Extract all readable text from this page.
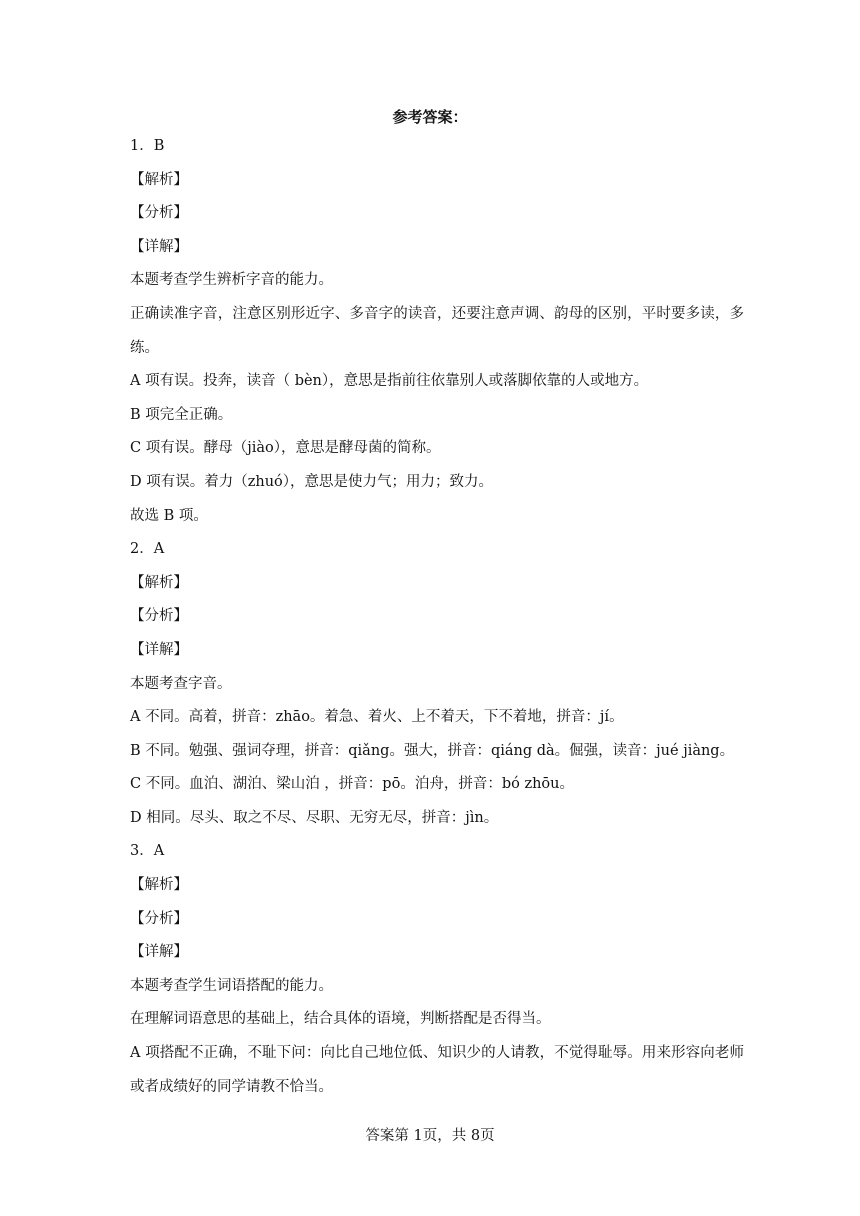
参考答案：
1．B
【解析】
【分析】
【详解】
本题考查学生辨析字音的能力。
正确读准字音，注意区别形近字、多音字的读音，还要注意声调、韵母的区别，平时要多读，多练。
A 项有误。投奔，读音（ bèn），意思是指前往依靠别人或落脚依靠的人或地方。
B 项完全正确。
C 项有误。酵母（jiào），意思是酵母菌的简称。
D 项有误。着力（zhuó），意思是使力气；用力；致力。
故选 B 项。
2．A
【解析】
【分析】
【详解】
本题考查字音。
A 不同。高着，拼音：zhāo。着急、着火、上不着天，下不着地，拼音：jí。
B 不同。勉强、强词夺理，拼音：qiǎng。强大，拼音：qiáng dà。倔强，读音：jué jiàng。
C 不同。血泊、湖泊、梁山泊 ，拼音：pō。泊舟，拼音：bó zhōu。
D 相同。尽头、取之不尽、尽职、无穷无尽，拼音：jìn。
3．A
【解析】
【分析】
【详解】
本题考查学生词语搭配的能力。
在理解词语意思的基础上，结合具体的语境，判断搭配是否得当。
A 项搭配不正确，不耻下问：向比自己地位低、知识少的人请教，不觉得耻辱。用来形容向老师或者成绩好的同学请教不恰当。
答案第 1页，共 8页
